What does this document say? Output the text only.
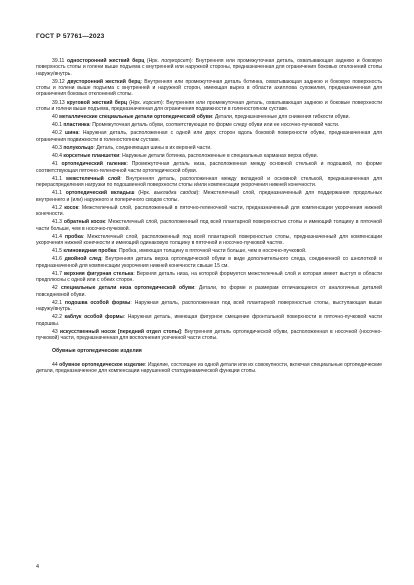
ГОСТ Р 57761—2023
39.11 одностoронний жесткий берц (Нрк. полукорсет): Внутренняя или промежуточная деталь, охватывающая заднюю и боковую поверхность стопы и голени выше подъема с внутренней или наружной стороны, предназначенная для ограничения боковых отклонений стопы наружу/внутрь.
39.12 двусторонний жесткий берц: Внутренняя или промежуточная деталь ботинка, охватывающая заднюю и боковую поверхность стопы и голени выше подъема с внутренней и наружной сторон, имеющая вырез в области ахиллова сухожилия, предназначенная для ограничения боковых отклонений стопы.
39.13 круговой жесткий берц (Нрк. корсет): Внутренняя или промежуточная деталь, охватывающая заднюю и боковые поверхности стопы и голени выше подъема, предназначенная для ограничения подвижности в голеностопном суставе.
40 металлические специальные детали ортопедической обуви: Детали, предназначенные для снижения гибкости обуви.
40.1 пластинка: Промежуточная деталь обуви, соответствующая по форме следу обуви или ее носочно-пучковой части.
40.2 шина: Наружная деталь, расположенная с одной или двух сторон вдоль боковой поверхности обуви, предназначенная для ограничения подвижности в голеностопном суставе.
40.3 полукольцо: Деталь, соединяющая шины в их верхней части.
40.4 корсетные планшетки: Наружные детали ботинка, расположенные в специальных карманах верха обуви.
41 ортопедический галеник: Промежуточная деталь низа, расположенная между основной стелькой и подошвой, по форме соответствующая пяточно-геленочной части ортопедической обуви.
41.1 межстелечный слой: Внутренняя деталь, расположенная между вкладной и основной стелькой, предназначенная для перераспределения нагрузки по подошвенной поверхности стопы и/или компенсации укорочения нижней конечности.
41.1 ортопедический вкладыш (Нрк. выкладка сводов): Межстелечный слой, предназначенный для поддержания продольных внутреннего и (или) наружного и поперечного сводов стопы.
41.2 косок: Межстелечный слой, расположенный в пяточно-геленочной части, предназначенный для компенсации укорочения нижней конечности.
41.3 обратный косок: Межстелечный слой, расположенный под всей плантарной поверхностью стопы и имеющий толщину в пяточной части больше, чем в носочно-пучковой.
41.4 пробка: Межстелечный слой, расположенный под всей плантарной поверхностью стопы, предназначенный для компенсации укорочения нижней конечности и имеющий одинаковую толщину в пяточной и носочно-пучковой частях.
41.5 клиновидная пробка: Пробка, имеющая толщину в пяточной части больше, чем в носочно-пучковой.
41.6 двойной след: Внутренняя деталь верха ортопедической обуви в виде дополнительного следа, соединенной со шнолоткой и предназначенной для компенсации укорочения нижней конечности свыше 15 см.
41.7 верхняя фигурная стелька: Верхняя деталь низа, на которой формуется межстелечный слой и которая имеет выступ в области предплюсны с одной или с обеих сторон.
42 специальные детали низа ортопедической обуви: Детали, по форме и размерам отличающиеся от аналогичных деталей повседневной обуви.
42.1 подошва особой формы: Наружная деталь, расположенная под всей плантарной поверхностью стопы, выступающая выше наружу/внутрь.
42.2 каблук особой формы: Наружная деталь, имеющая фигурное смещение фронтальной поверхности в пяточно-пучковой части подошвы.
43 искусственный носок [передний отдел стопы]: Внутренняя деталь ортопедической обуви, расположенная в носочной (носочно-пучковой) части, предназначенная для восполнения усеченной части стопы.
Обувные ортопедические изделия
44 обувное ортопедическое изделие: Изделие, состоящее из одной детали или их совокупности, включая специальные ортопедические детали, предназначенное для компенсации нарушенной статодинамической функции стопы.
4
